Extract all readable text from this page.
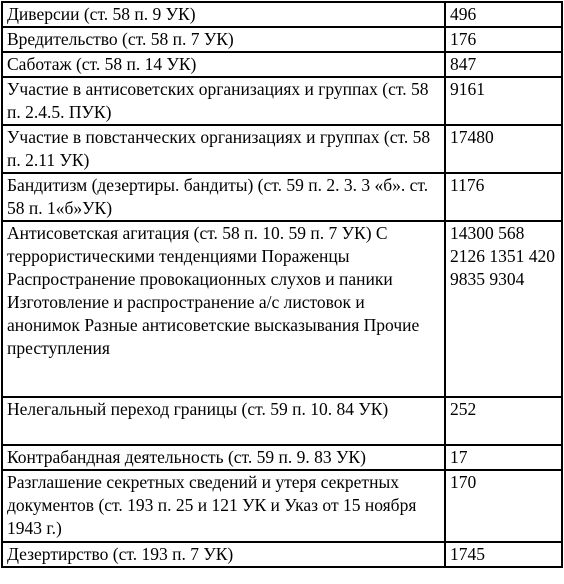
Диверсии (ст. 58 п. 9 УК)	496
Вредительство (ст. 58 п. 7 УК)	176
Саботаж (ст. 58 п. 14 УК)	847
Участие в антисоветских организациях и группах (ст. 58 п. 2.4.5. ПУК)	9161
Участие в повстанческих организациях и группах (ст. 58 п. 2.11 УК)	17480
Бандитизм (дезертиры. бандиты) (ст. 59 п. 2. 3. 3 «б». ст. 58 п. 1«б»УК)	1176
Антисоветская агитация (ст. 58 п. 10. 59 п. 7 УК) С террористическими тенденциями Пораженцы Распространение провокационных слухов и паники Изготовление и распространение а/с листовок и анонимок Разные антисоветские высказывания Прочие преступления	14300 568 2126 1351 420 9835 9304
Нелегальный переход границы (ст. 59 п. 10. 84 УК)	252
Контрабандная деятельность (ст. 59 п. 9. 83 УК)	17
Разглашение секретных сведений и утеря секретных документов (ст. 193 п. 25 и 121 УК и Указ от 15 ноября 1943 г.)	170
Дезертирство (ст. 193 п. 7 УК)	1745
